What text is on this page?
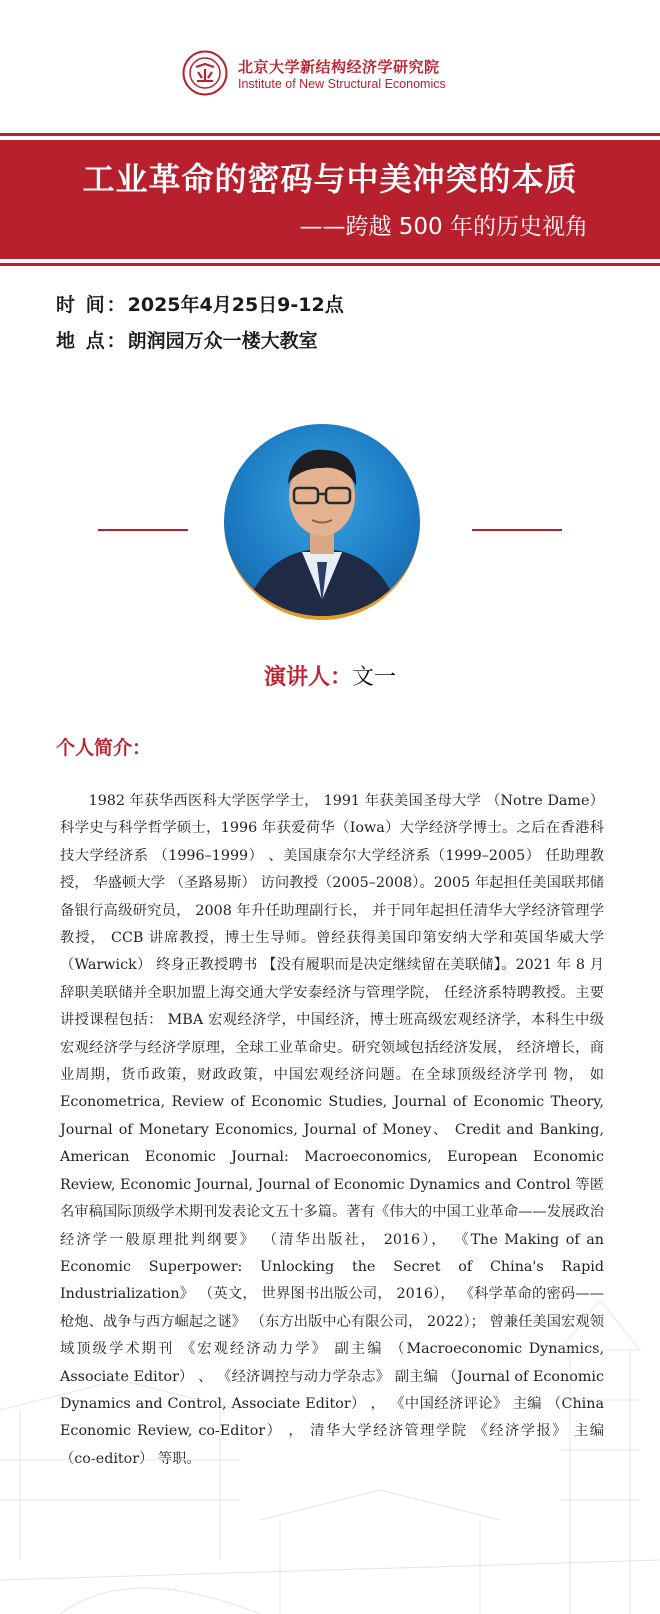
北京大学新结构经济学研究院
Institute of New Structural Economics
工业革命的密码与中美冲突的本质
——跨越 500 年的历史视角
时 间：2025年4月25日9-12点
地 点：朗润园万众一楼大教室
演讲人：文一
个人简介：
1982 年获华西医科大学医学学士， 1991 年获美国圣母大学 （Notre Dame）科学史与科学哲学硕士，1996 年获爱荷华（Iowa）大学经济学博士。之后在香港科技大学经济系 （1996–1999） 、美国康奈尔大学经济系（1999–2005） 任助理教授， 华盛顿大学 （圣路易斯） 访问教授（2005–2008）。2005 年起担任美国联邦储备银行高级研究员， 2008 年升任助理副行长， 并于同年起担任清华大学经济管理学教授， CCB 讲席教授，博士生导师。曾经获得美国印第安纳大学和英国华威大学 （Warwick） 终身正教授聘书 【没有履职而是决定继续留在美联储】。2021 年 8 月辞职美联储并全职加盟上海交通大学安泰经济与管理学院， 任经济系特聘教授。主要讲授课程包括： MBA 宏观经济学，中国经济，博士班高级宏观经济学，本科生中级宏观经济学与经济学原理，全球工业革命史。研究领域包括经济发展， 经济增长，商业周期，货币政策，财政政策，中国宏观经济问题。在全球顶级经济学刊 物， 如 Econometrica, Review of Economic Studies, Journal of Economic Theory, Journal of Monetary Economics, Journal of Money、 Credit and Banking, American Economic Journal: Macroeconomics, European Economic Review, Economic Journal, Journal of Economic Dynamics and Control 等匿名审稿国际顶级学术期刊发表论文五十多篇。著有《伟大的中国工业革命——发展政治经济学一般原理批判纲要》 （清华出版社， 2016）， 《The Making of an Economic Superpower: Unlocking the Secret of China's Rapid Industrialization》 （英文， 世界图书出版公司， 2016）， 《科学革命的密码——枪炮、战争与西方崛起之谜》 （东方出版中心有限公司， 2022）； 曾兼任美国宏观领域顶级学术期刊 《宏观经济动力学》 副主编 （Macroeconomic Dynamics, Associate Editor） 、 《经济调控与动力学杂志》 副主编 （Journal of Economic Dynamics and Control, Associate Editor） ， 《中国经济评论》 主编 （China Economic Review, co-Editor） ， 清华大学经济管理学院 《经济学报》 主编 （co-editor） 等职。
